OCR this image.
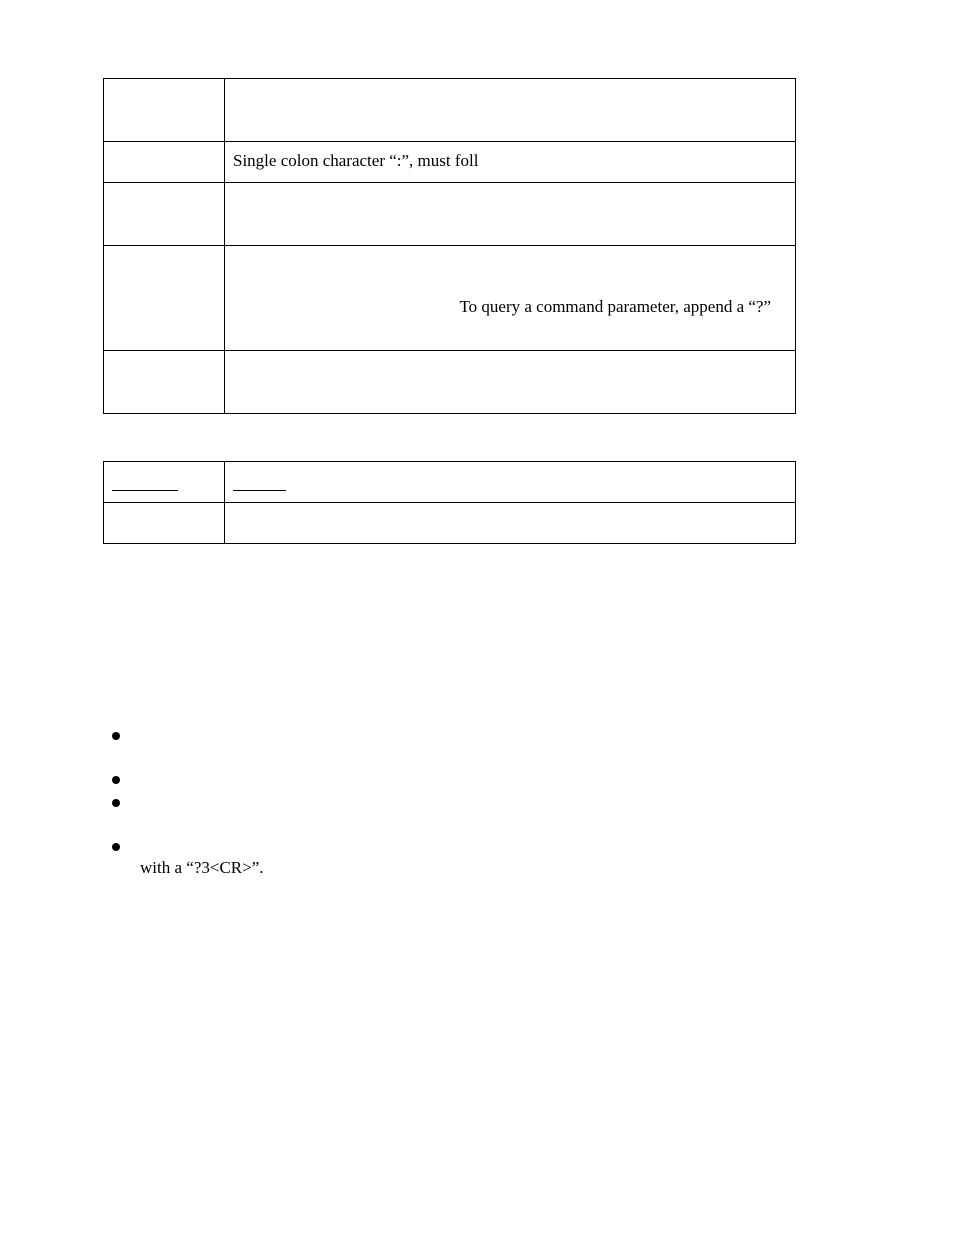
	Single colon character “:”, must foll

	To query a command parameter, append a “?”

with a “?3<CR>”.
